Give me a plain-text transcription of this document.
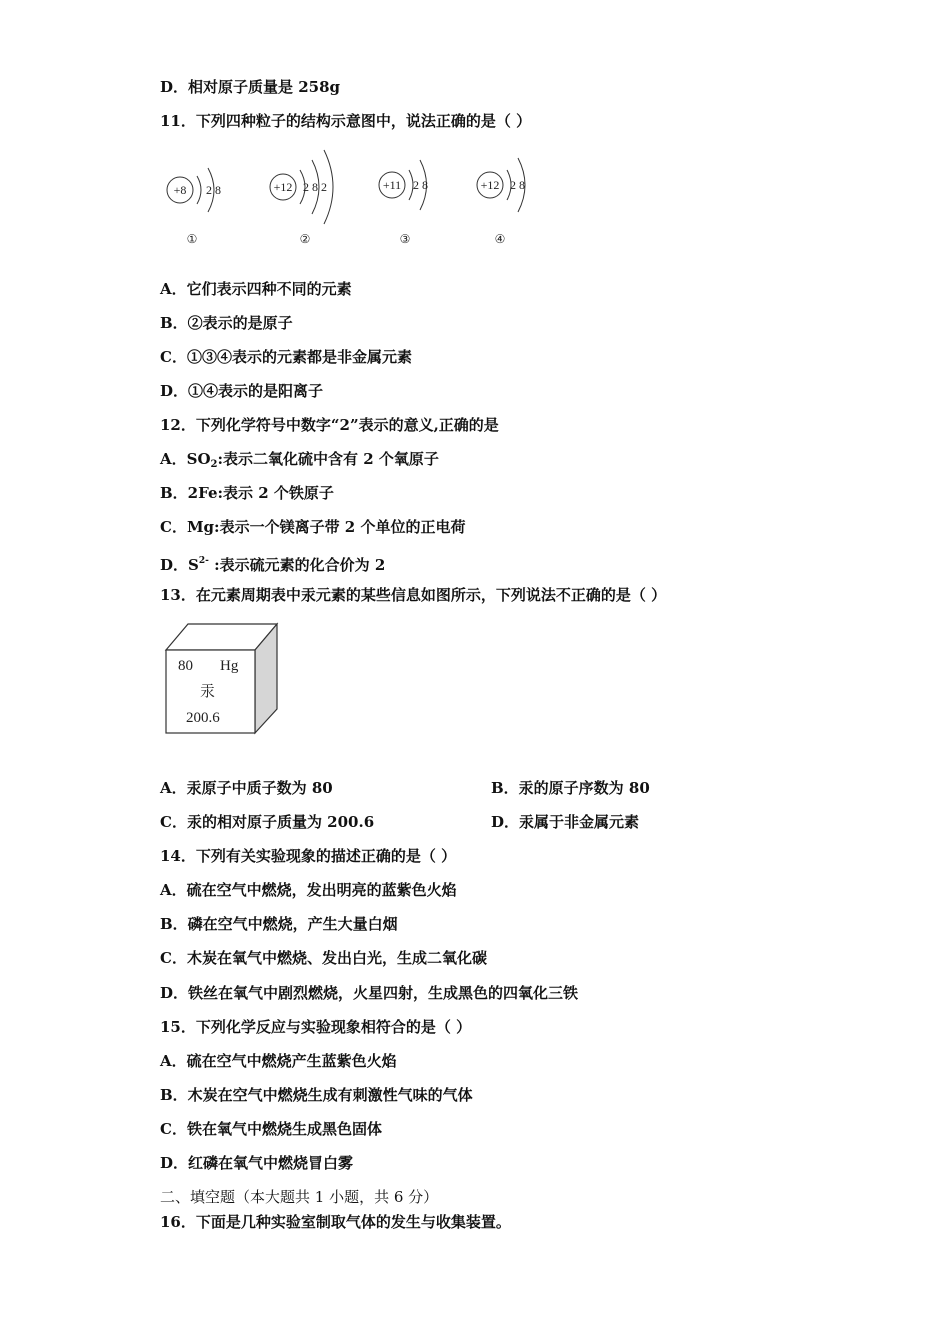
D．相对原子质量是 258g
11．下列四种粒子的结构示意图中，说法正确的是（ ）
+8 2 8
①
+12 2 8 2
②
+11 2 8
③
+12 2 8
④
A．它们表示四种不同的元素
B．②表示的是原子
C．①③④表示的元素都是非金属元素
D．①④表示的是阳离子
12．下列化学符号中数字“2”表示的意义,正确的是
A．$SO_2$:表示二氧化硫中含有 2 个氧原子
B．2Fe:表示 2 个铁原子
C．Mg:表示一个镁离子带 2 个单位的正电荷
D．$S^{2-}$ :表示硫元素的化合价为 2
13．在元素周期表中汞元素的某些信息如图所示，下列说法不正确的是（ ）
80 Hg
汞
200.6
A．汞原子中质子数为 80	B．汞的原子序数为 80
C．汞的相对原子质量为 200.6	D．汞属于非金属元素
14．下列有关实验现象的描述正确的是（ ）
A．硫在空气中燃烧，发出明亮的蓝紫色火焰
B．磷在空气中燃烧，产生大量白烟
C．木炭在氧气中燃烧、发出白光，生成二氧化碳
D．铁丝在氧气中剧烈燃烧，火星四射，生成黑色的四氧化三铁
15．下列化学反应与实验现象相符合的是（ ）
A．硫在空气中燃烧产生蓝紫色火焰
B．木炭在空气中燃烧生成有刺激性气味的气体
C．铁在氧气中燃烧生成黑色固体
D．红磷在氧气中燃烧冒白雾
二、填空题（本大题共 1 小题，共 6 分）
16．下面是几种实验室制取气体的发生与收集装置。
